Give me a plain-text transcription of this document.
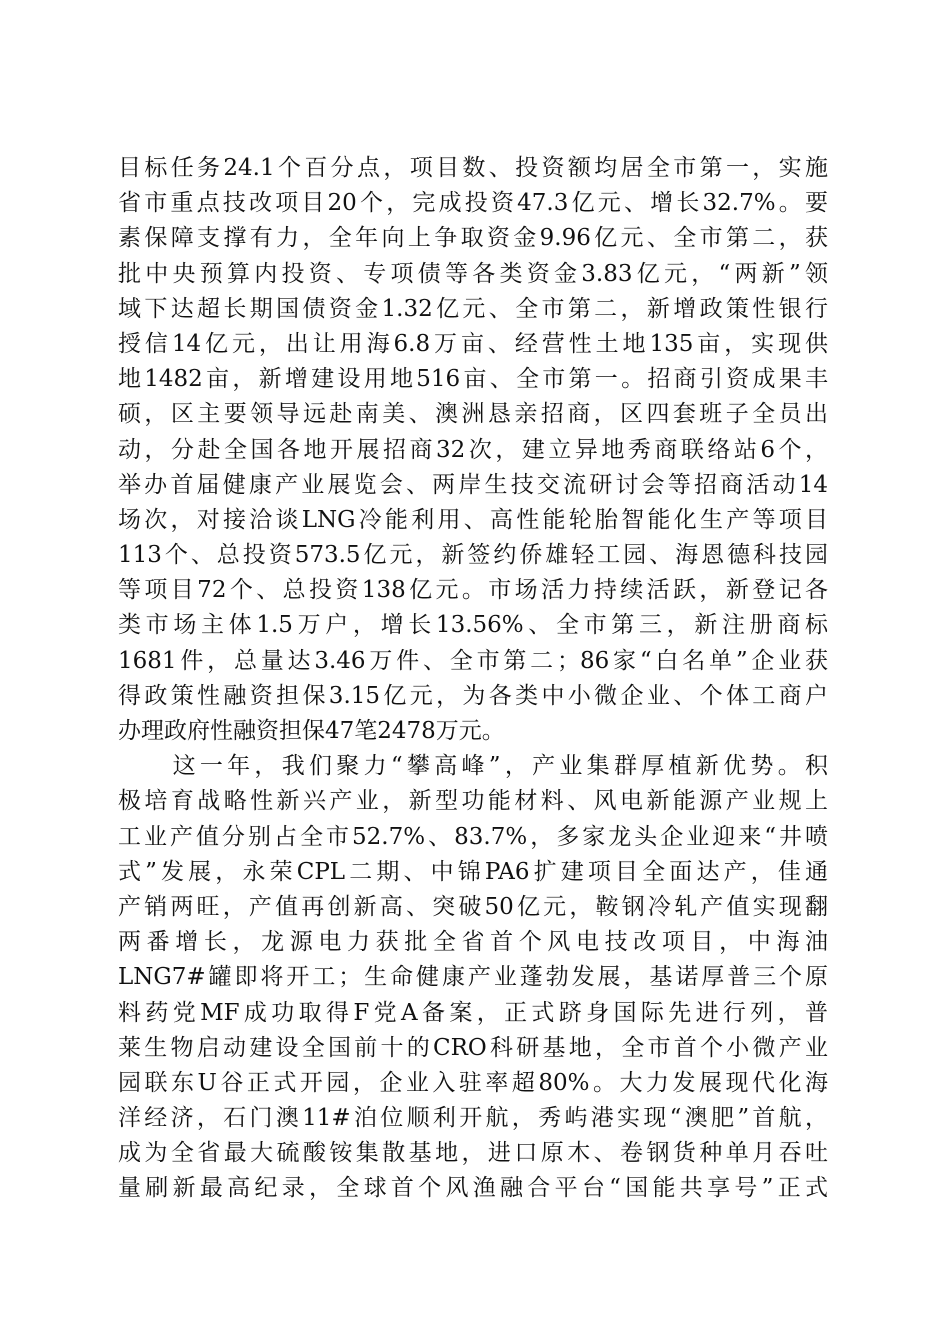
目标任务24.1个百分点，项目数、投资额均居全市第一，实施
省市重点技改项目20个，完成投资47.3亿元、增长32.7%。要
素保障支撑有力，全年向上争取资金9.96亿元、全市第二，获
批中央预算内投资、专项债等各类资金3.83亿元，“两新”领
域下达超长期国债资金1.32亿元、全市第二，新增政策性银行
授信14亿元，出让用海6.8万亩、经营性土地135亩，实现供
地1482亩，新增建设用地516亩、全市第一。招商引资成果丰
硕，区主要领导远赴南美、澳洲恳亲招商，区四套班子全员出
动，分赴全国各地开展招商32次，建立异地秀商联络站6个，
举办首届健康产业展览会、两岸生技交流研讨会等招商活动14
场次，对接洽谈LNG冷能利用、高性能轮胎智能化生产等项目
113个、总投资573.5亿元，新签约侨雄轻工园、海恩德科技园
等项目72个、总投资138亿元。市场活力持续活跃，新登记各
类市场主体1.5万户，增长13.56%、全市第三，新注册商标
1681件，总量达3.46万件、全市第二；86家“白名单”企业获
得政策性融资担保3.15亿元，为各类中小微企业、个体工商户
办理政府性融资担保47笔2478万元。
　　这一年，我们聚力“攀高峰”，产业集群厚植新优势。积
极培育战略性新兴产业，新型功能材料、风电新能源产业规上
工业产值分别占全市52.7%、83.7%，多家龙头企业迎来“井喷
式”发展，永荣CPL二期、中锦PA6扩建项目全面达产，佳通
产销两旺，产值再创新高、突破50亿元，鞍钢冷轧产值实现翻
两番增长，龙源电力获批全省首个风电技改项目，中海油
LNG7#罐即将开工；生命健康产业蓬勃发展，基诺厚普三个原
料药党MF成功取得F党A备案，正式跻身国际先进行列，普
莱生物启动建设全国前十的CRO科研基地，全市首个小微产业
园联东U谷正式开园，企业入驻率超80%。大力发展现代化海
洋经济，石门澳11#泊位顺利开航，秀屿港实现“澳肥”首航，
成为全省最大硫酸铵集散基地，进口原木、卷钢货种单月吞吐
量刷新最高纪录，全球首个风渔融合平台“国能共享号”正式
